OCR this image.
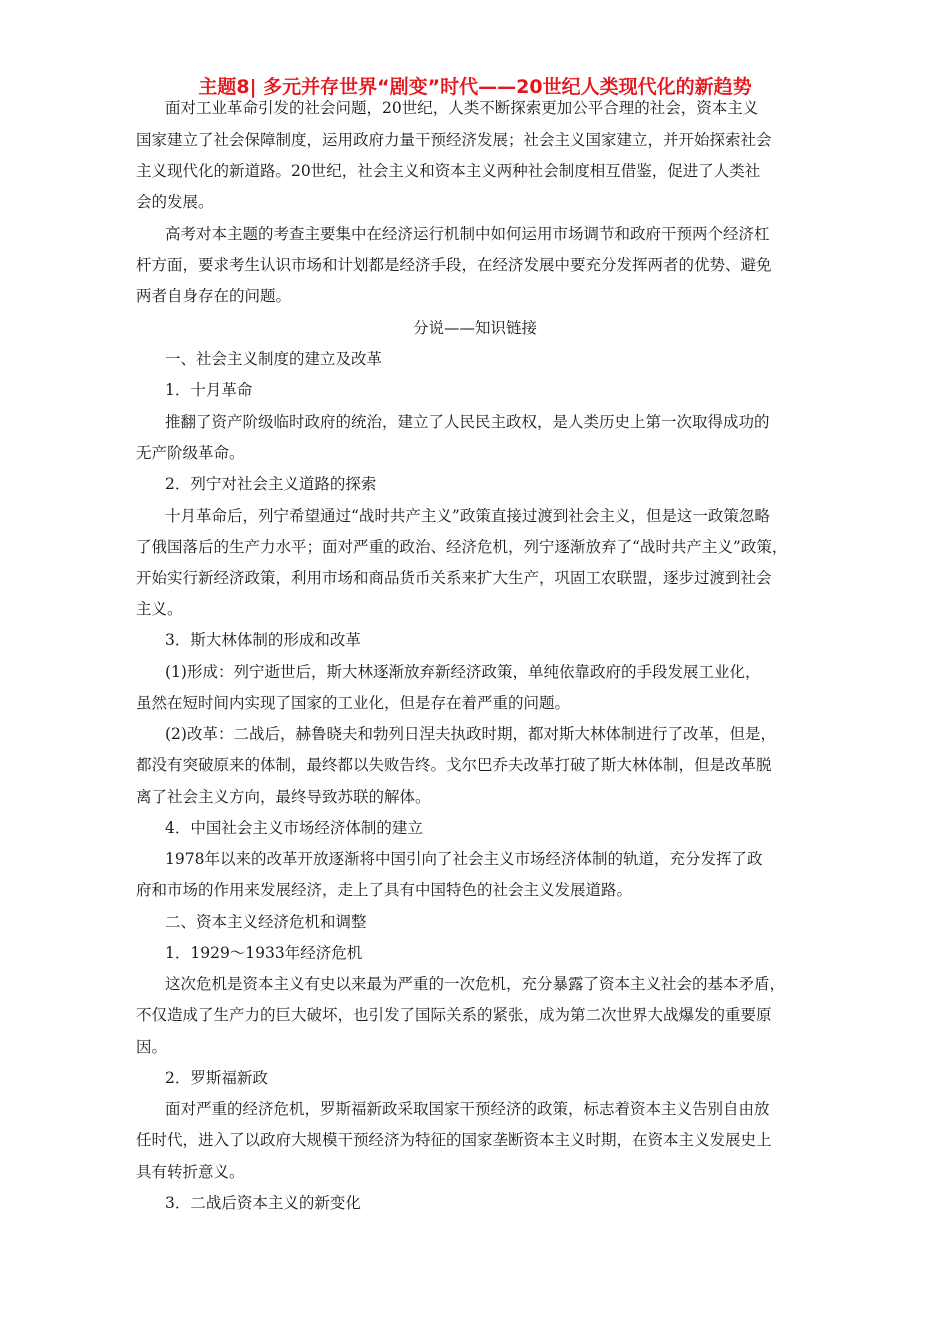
主题8| 多元并存世界“剧变”时代——20世纪人类现代化的新趋势
面对工业革命引发的社会问题，20世纪，人类不断探索更加公平合理的社会，资本主义
国家建立了社会保障制度，运用政府力量干预经济发展；社会主义国家建立，并开始探索社会
主义现代化的新道路。20世纪，社会主义和资本主义两种社会制度相互借鉴，促进了人类社
会的发展。
高考对本主题的考查主要集中在经济运行机制中如何运用市场调节和政府干预两个经济杠
杆方面，要求考生认识市场和计划都是经济手段，在经济发展中要充分发挥两者的优势、避免
两者自身存在的问题。
分说——知识链接
一、社会主义制度的建立及改革
1．十月革命
推翻了资产阶级临时政府的统治，建立了人民民主政权，是人类历史上第一次取得成功的
无产阶级革命。
2．列宁对社会主义道路的探索
十月革命后，列宁希望通过“战时共产主义”政策直接过渡到社会主义，但是这一政策忽略
了俄国落后的生产力水平；面对严重的政治、经济危机，列宁逐渐放弃了“战时共产主义”政策，
开始实行新经济政策，利用市场和商品货币关系来扩大生产，巩固工农联盟，逐步过渡到社会
主义。
3．斯大林体制的形成和改革
(1)形成：列宁逝世后，斯大林逐渐放弃新经济政策，单纯依靠政府的手段发展工业化，
虽然在短时间内实现了国家的工业化，但是存在着严重的问题。
(2)改革：二战后，赫鲁晓夫和勃列日涅夫执政时期，都对斯大林体制进行了改革，但是，
都没有突破原来的体制，最终都以失败告终。戈尔巴乔夫改革打破了斯大林体制，但是改革脱
离了社会主义方向，最终导致苏联的解体。
4．中国社会主义市场经济体制的建立
1978年以来的改革开放逐渐将中国引向了社会主义市场经济体制的轨道，充分发挥了政
府和市场的作用来发展经济，走上了具有中国特色的社会主义发展道路。
二、资本主义经济危机和调整
1．1929～1933年经济危机
这次危机是资本主义有史以来最为严重的一次危机，充分暴露了资本主义社会的基本矛盾，
不仅造成了生产力的巨大破坏，也引发了国际关系的紧张，成为第二次世界大战爆发的重要原
因。
2．罗斯福新政
面对严重的经济危机，罗斯福新政采取国家干预经济的政策，标志着资本主义告别自由放
任时代，进入了以政府大规模干预经济为特征的国家垄断资本主义时期，在资本主义发展史上
具有转折意义。
3．二战后资本主义的新变化
